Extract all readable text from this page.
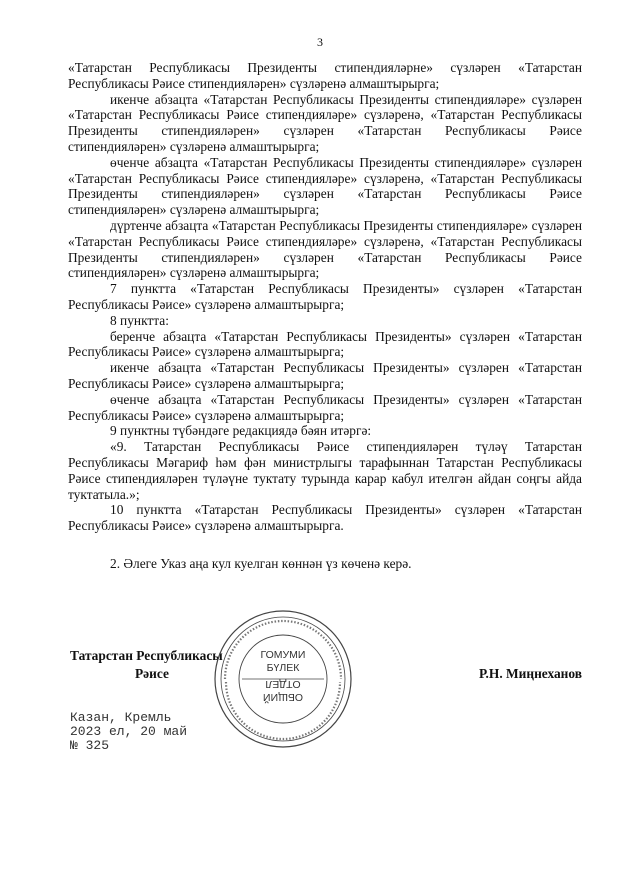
3

«Татарстан Республикасы Президенты стипендияләрне» сүзләрен «Татарстан Республикасы Рәисе стипендияләрен» сүзләренә алмаштырырга;

икенче абзацта «Татарстан Республикасы Президенты стипендияләре» сүзләрен «Татарстан Республикасы Рәисе стипендияләре» сүзләренә, «Татарстан Республикасы Президенты стипендияләрен» сүзләрен «Татарстан Республикасы Рәисе стипендияләрен» сүзләренә алмаштырырга;

өченче абзацта «Татарстан Республикасы Президенты стипендияләре» сүзләрен «Татарстан Республикасы Рәисе стипендияләре» сүзләренә, «Татарстан Республикасы Президенты стипендияләрен» сүзләрен «Татарстан Республикасы Рәисе стипендияләрен» сүзләренә алмаштырырга;

дүртенче абзацта «Татарстан Республикасы Президенты стипендияләре» сүзләрен «Татарстан Республикасы Рәисе стипендияләре» сүзләренә, «Татарстан Республикасы Президенты стипендияләрен» сүзләрен «Татарстан Республикасы Рәисе стипендияләрен» сүзләренә алмаштырырга;

7 пунктта «Татарстан Республикасы Президенты» сүзләрен «Татарстан Республикасы Рәисе» сүзләренә алмаштырырга;

8 пунктта:

беренче абзацта «Татарстан Республикасы Президенты» сүзләрен «Татарстан Республикасы Рәисе» сүзләренә алмаштырырга;

икенче абзацта «Татарстан Республикасы Президенты» сүзләрен «Татарстан Республикасы Рәисе» сүзләренә алмаштырырга;

өченче абзацта «Татарстан Республикасы Президенты» сүзләрен «Татарстан Республикасы Рәисе» сүзләренә алмаштырырга;

9 пунктны түбәндәге редакциядә бәян итәргә:

«9. Татарстан Республикасы Рәисе стипендияләрен түләү Татарстан Республикасы Мәгариф һәм фән министрлыгы тарафыннан Татарстан Республикасы Рәисе стипендияләрен түләүне туктату турында карар кабул ителгән айдан соңгы айда туктатыла.»;

10 пунктта «Татарстан Республикасы Президенты» сүзләрен «Татарстан Республикасы Рәисе» сүзләренә алмаштырырга.

2. Әлеге Указ аңа кул куелган көннән үз көченә керә.

Татарстан Республикасы
Рәисе	Р.Н. Миңнеханов
ГОМУМИ
БҮЛЕК
ОТДЕЛ
ОБЩИЙ
Казан, Кремль
2023 ел, 20 май
№ 325
